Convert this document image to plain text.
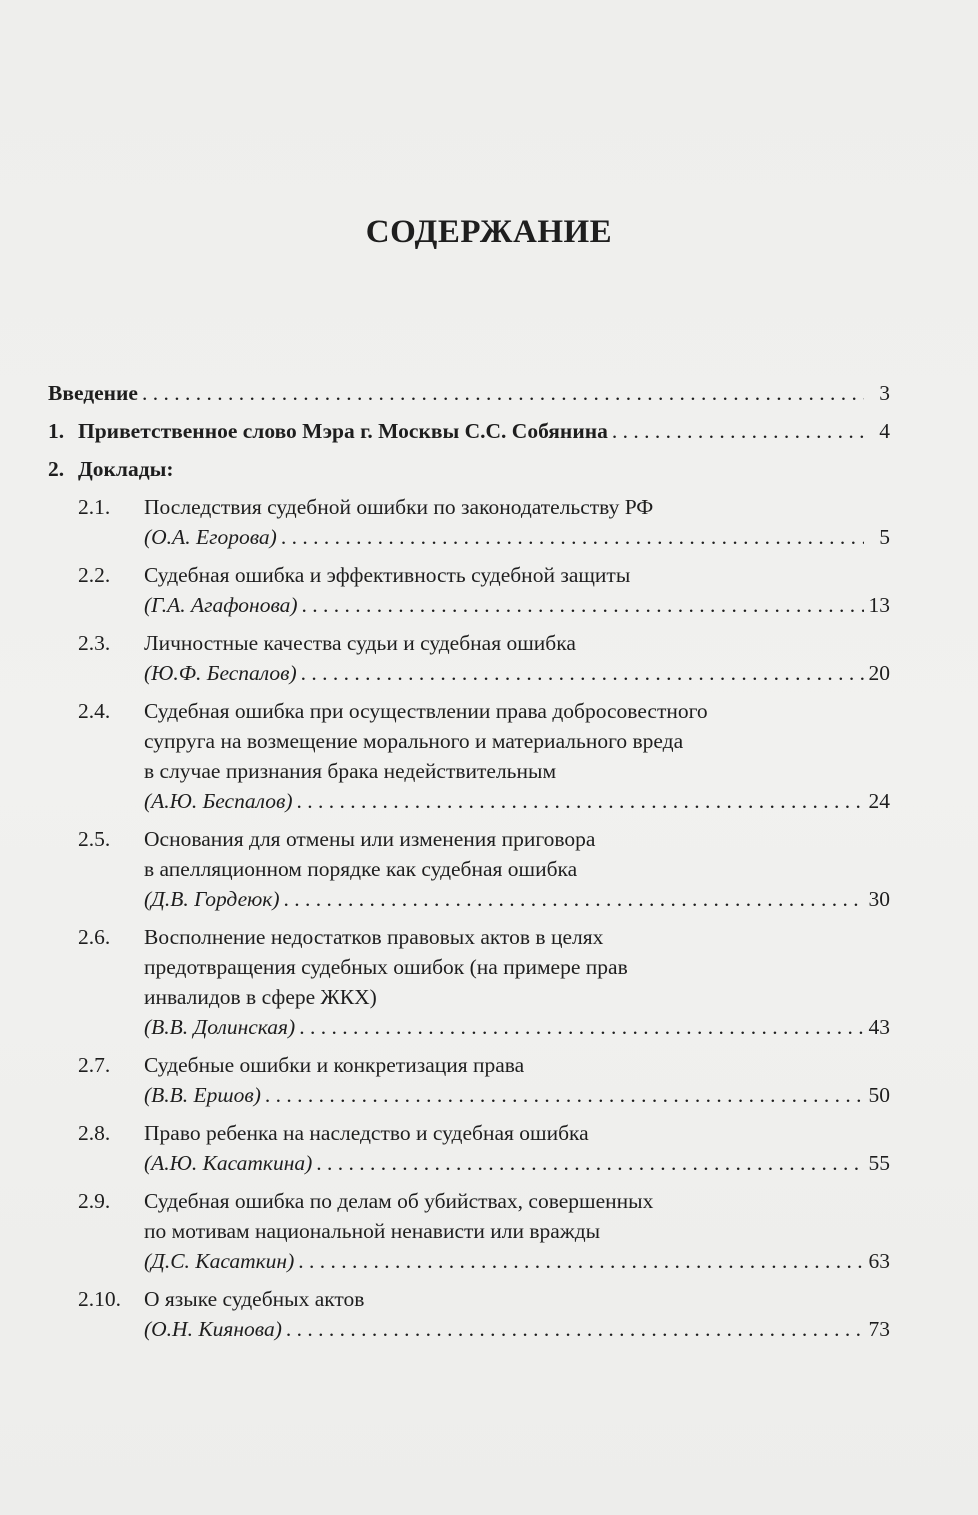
СОДЕРЖАНИЕ
Введение . . .	3
1. Приветственное слово Мэра г. Москвы С.С. Собянина . . .	4
2. Доклады:
2.1.	Последствия судебной ошибки по законодательству РФ
(О.А. Егорова) . . .	5
2.2.	Судебная ошибка и эффективность судебной защиты
(Г.А. Агафонова) . . .	13
2.3.	Личностные качества судьи и судебная ошибка
(Ю.Ф. Беспалов) . . .	20
2.4.	Судебная ошибка при осуществлении права добросовестного
супруга на возмещение морального и материального вреда
в случае признания брака недействительным
(А.Ю. Беспалов) . . .	24
2.5.	Основания для отмены или изменения приговора
в апелляционном порядке как судебная ошибка
(Д.В. Гордеюк) . . .	30
2.6.	Восполнение недостатков правовых актов в целях
предотвращения судебных ошибок (на примере прав
инвалидов в сфере ЖКХ)
(В.В. Долинская) . . .	43
2.7.	Судебные ошибки и конкретизация права
(В.В. Ершов) . . .	50
2.8.	Право ребенка на наследство и судебная ошибка
(А.Ю. Касаткина) . . .	55
2.9.	Судебная ошибка по делам об убийствах, совершенных
по мотивам национальной ненависти или вражды
(Д.С. Касаткин) . . .	63
2.10.	О языке судебных актов
(О.Н. Киянова) . . .	73
